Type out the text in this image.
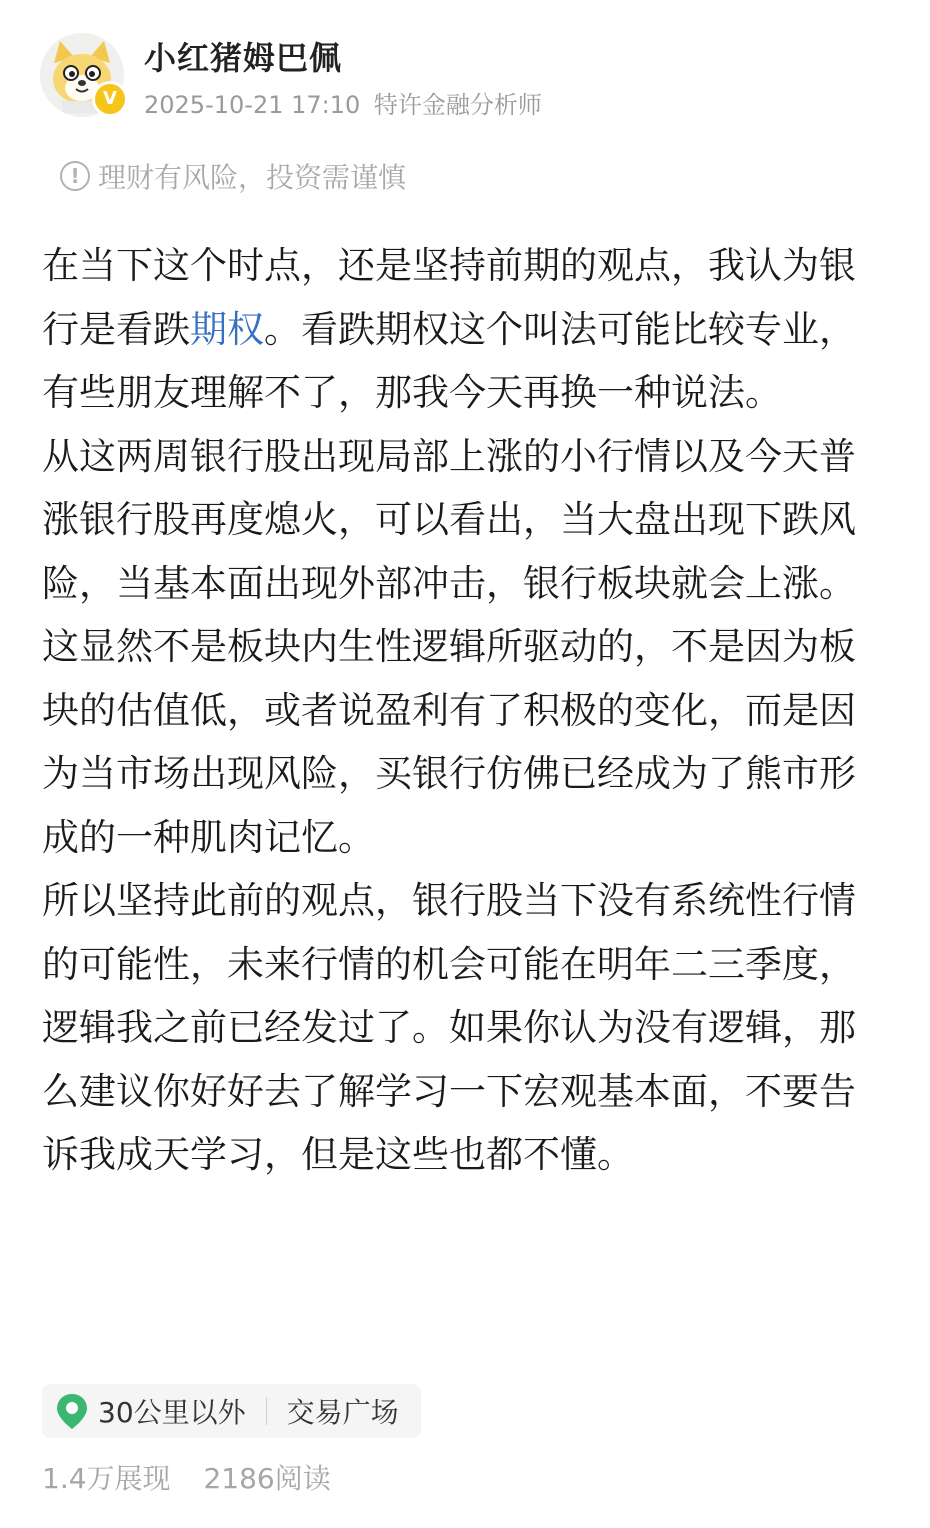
V
小红猪姆巴佩
2025-10-21 17:10 特许金融分析师
! 理财有风险，投资需谨慎

在当下这个时点，还是坚持前期的观点，我认为银行是看跌期权。看跌期权这个叫法可能比较专业，有些朋友理解不了，那我今天再换一种说法。

从这两周银行股出现局部上涨的小行情以及今天普涨银行股再度熄火，可以看出，当大盘出现下跌风险，当基本面出现外部冲击，银行板块就会上涨。

这显然不是板块内生性逻辑所驱动的，不是因为板块的估值低，或者说盈利有了积极的变化，而是因为当市场出现风险，买银行仿佛已经成为了熊市形成的一种肌肉记忆。

所以坚持此前的观点，银行股当下没有系统性行情的可能性，未来行情的机会可能在明年二三季度，逻辑我之前已经发过了。如果你认为没有逻辑，那么建议你好好去了解学习一下宏观基本面，不要告诉我成天学习，但是这些也都不懂。

30公里以外 交易广场
1.4万展现 2186阅读
